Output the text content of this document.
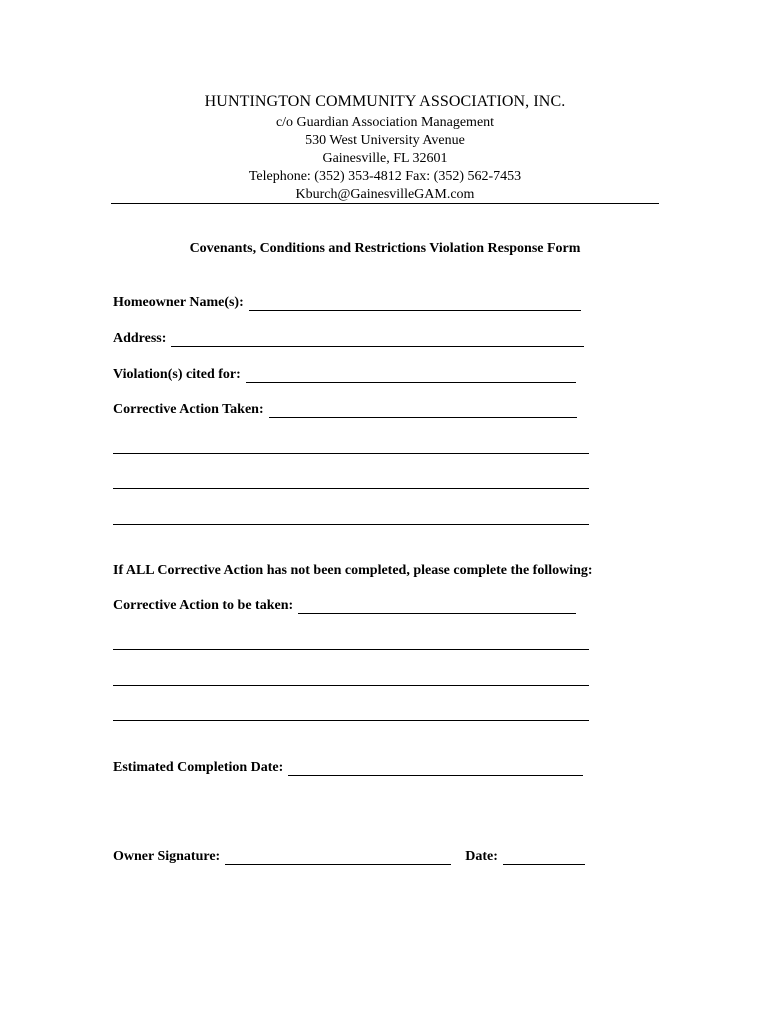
HUNTINGTON COMMUNITY ASSOCIATION, INC.
c/o Guardian Association Management
530 West University Avenue
Gainesville, FL 32601
Telephone: (352) 353-4812 Fax: (352) 562-7453
Kburch@GainesvilleGAM.com
Covenants, Conditions and Restrictions Violation Response Form
Homeowner Name(s):
Address:
Violation(s) cited for:
Corrective Action Taken:
If ALL Corrective Action has not been completed, please complete the following:
Corrective Action to be taken:
Estimated Completion Date:
Owner Signature:	Date:
